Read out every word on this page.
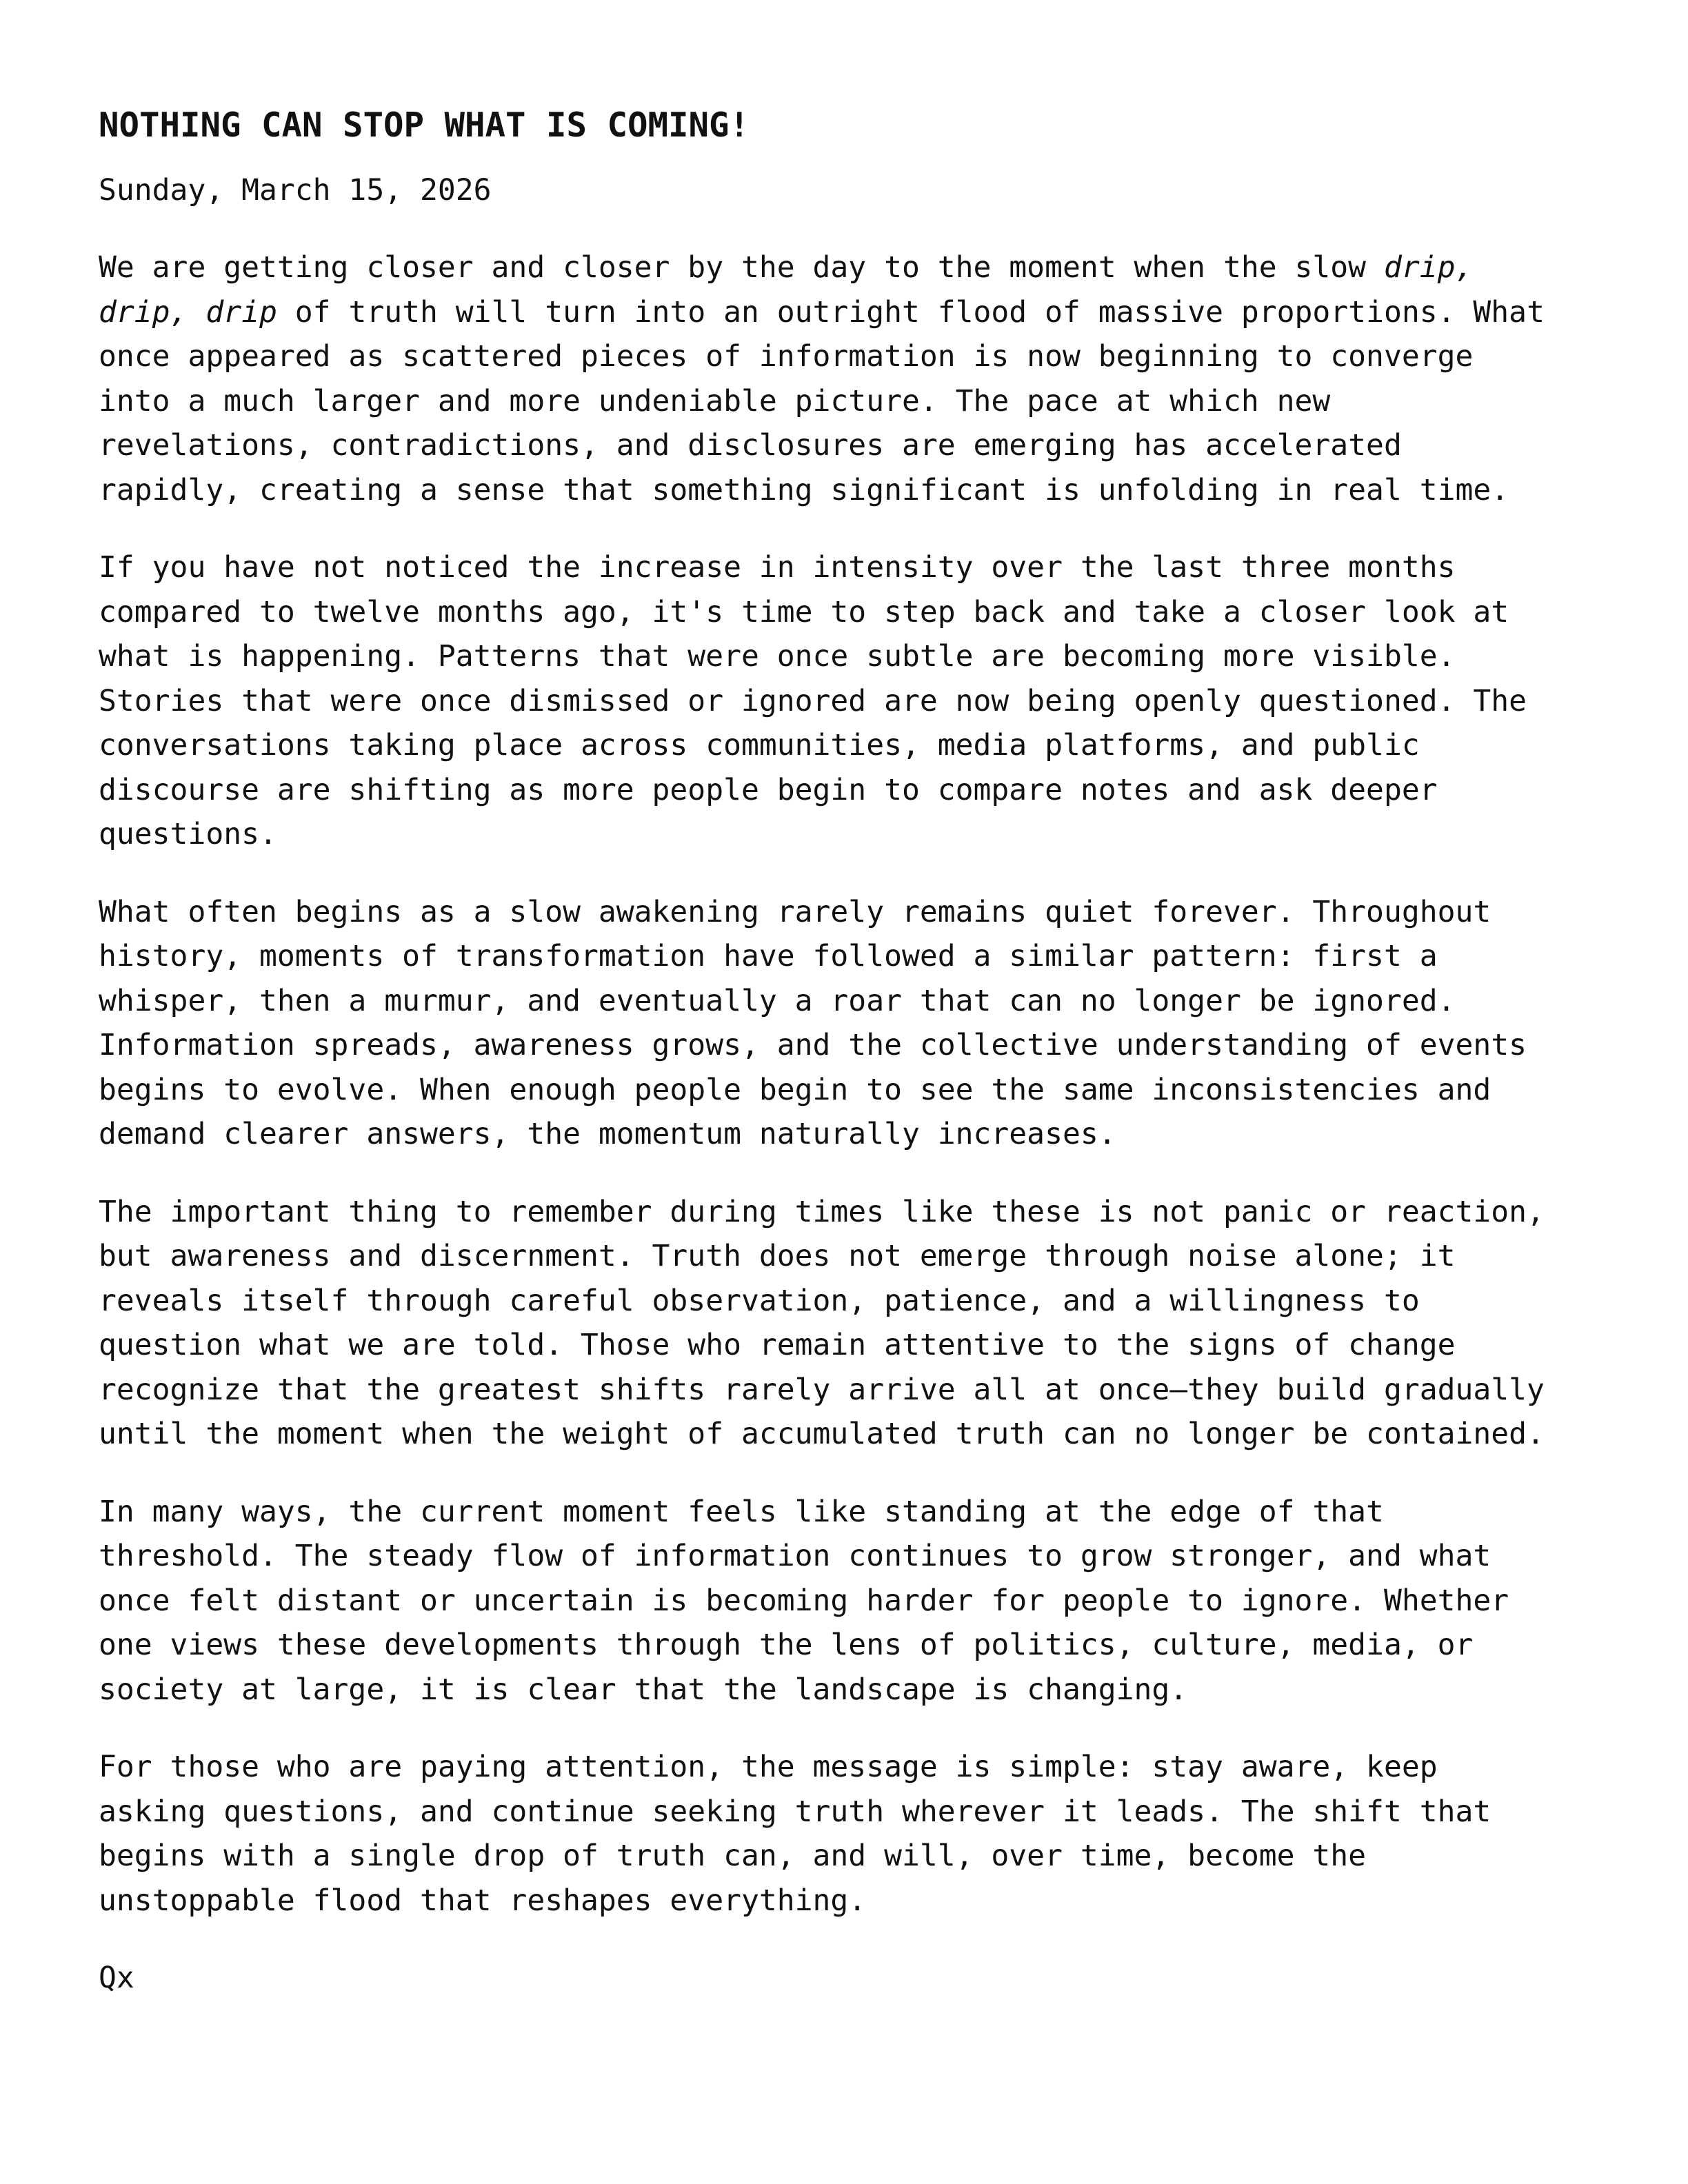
NOTHING CAN STOP WHAT IS COMING!
Sunday, March 15, 2026
We are getting closer and closer by the day to the moment when the slow drip,
drip, drip of truth will turn into an outright flood of massive proportions. What
once appeared as scattered pieces of information is now beginning to converge
into a much larger and more undeniable picture. The pace at which new
revelations, contradictions, and disclosures are emerging has accelerated
rapidly, creating a sense that something significant is unfolding in real time.
If you have not noticed the increase in intensity over the last three months
compared to twelve months ago, it's time to step back and take a closer look at
what is happening. Patterns that were once subtle are becoming more visible.
Stories that were once dismissed or ignored are now being openly questioned. The
conversations taking place across communities, media platforms, and public
discourse are shifting as more people begin to compare notes and ask deeper
questions.
What often begins as a slow awakening rarely remains quiet forever. Throughout
history, moments of transformation have followed a similar pattern: first a
whisper, then a murmur, and eventually a roar that can no longer be ignored.
Information spreads, awareness grows, and the collective understanding of events
begins to evolve. When enough people begin to see the same inconsistencies and
demand clearer answers, the momentum naturally increases.
The important thing to remember during times like these is not panic or reaction,
but awareness and discernment. Truth does not emerge through noise alone; it
reveals itself through careful observation, patience, and a willingness to
question what we are told. Those who remain attentive to the signs of change
recognize that the greatest shifts rarely arrive all at once—they build gradually
until the moment when the weight of accumulated truth can no longer be contained.
In many ways, the current moment feels like standing at the edge of that
threshold. The steady flow of information continues to grow stronger, and what
once felt distant or uncertain is becoming harder for people to ignore. Whether
one views these developments through the lens of politics, culture, media, or
society at large, it is clear that the landscape is changing.
For those who are paying attention, the message is simple: stay aware, keep
asking questions, and continue seeking truth wherever it leads. The shift that
begins with a single drop of truth can, and will, over time, become the
unstoppable flood that reshapes everything.
Qx
